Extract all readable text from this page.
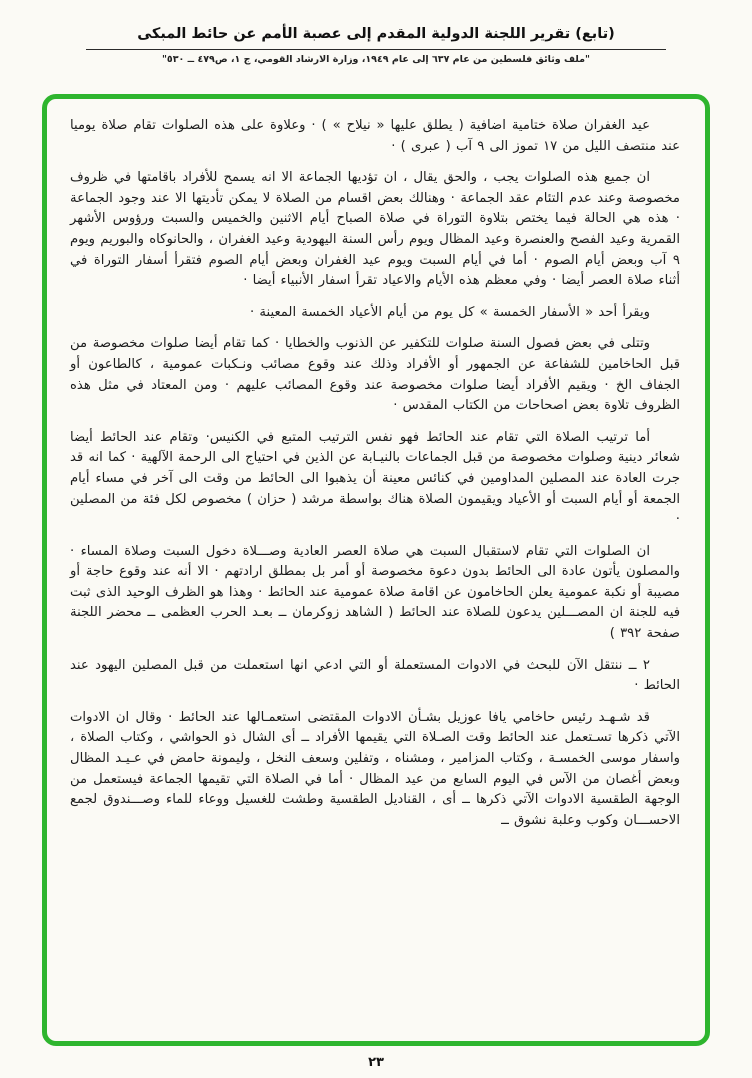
(تابع) تقرير اللجنة الدولية المقدم إلى عصبة الأمم عن حائط المبكى
"ملف وثائق فلسطين من عام ٦٣٧ إلى عام ١٩٤٩، وزارة الارشاد القومي، ج ١، ص٤٧٩ ــ ٥٣٠"

عيد الغفران صلاة ختامية اضافية ( يطلق عليها « نيلاح » ) · وعلاوة على هذه الصلوات تقام صلاة يوميا عند منتصف الليل من ١٧ تموز الى ٩ آب ( عبرى ) ·

ان جميع هذه الصلوات يجب ، والحق يقال ، ان تؤديها الجماعة الا انه يسمح للأفراد باقامتها في ظروف مخصوصة وعند عدم التئام عقد الجماعة · وهنالك بعض اقسام من الصلاة لا يمكن تأديتها الا عند وجود الجماعة · هذه هي الحالة فيما يختص بتلاوة التوراة في صلاة الصباح أيام الاثنين والخميس والسبت ورؤوس الأشهر القمرية وعيد الفصح والعنصرة وعيد المظال ويوم رأس السنة اليهودية وعيد الغفران ، والحانوكاه والبوريم ويوم ٩ آب وبعض أيام الصوم · أما في أيام السبت ويوم عيد الغفران وبعض أيام الصوم فتقرأ أسفار التوراة في أثناء صلاة العصر أيضا · وفي معظم هذه الأيام والاعياد تقرأ اسفار الأنبياء أيضا ·

ويقرأ أحد « الأسفار الخمسة » كل يوم من أيام الأعياد الخمسة المعينة ·

وتتلى في بعض فصول السنة صلوات للتكفير عن الذنوب والخطايا · كما تقام أيضا صلوات مخصوصة من قبل الحاخامين للشفاعة عن الجمهور أو الأفراد وذلك عند وقوع مصائب ونـكبات عمومية ، كالطاعون أو الجفاف الخ · ويقيم الأفراد أيضا صلوات مخصوصة عند وقوع المصائب عليهم · ومن المعتاد في مثل هذه الظروف تلاوة بعض اصحاحات من الكتاب المقدس ·

أما ترتيب الصلاة التي تقام عند الحائط فهو نفس الترتيب المتبع في الكنيس· وتقام عند الحائط أيضا شعائر دينية وصلوات مخصوصة من قبل الجماعات بالنيـابة عن الذين في احتياج الى الرحمة الآلهية · كما انه قد جرت العادة عند المصلين المداومين في كنائس معينة أن يذهبوا الى الحائط من وقت الى آخر في مساء أيام الجمعة أو أيام السبت أو الأعياد ويقيمون الصلاة هناك بواسطة مرشد ( حزان ) مخصوص لكل فئة من المصلين ·

ان الصلوات التي تقام لاستقبال السبت هي صلاة العصر العادية وصـــلاة دخول السبت وصلاة المساء · والمصلون يأتون عادة الى الحائط بدون دعوة مخصوصة أو أمر بل بمطلق ارادتهم · الا أنه عند وقوع حاجة أو مصيبة أو نكبة عمومية يعلن الحاخامون عن اقامة صلاة عمومية عند الحائط · وهذا هو الظرف الوحيد الذى ثبت فيه للجنة ان المصـــلين يدعون للصلاة عند الحائط ( الشاهد زوكرمان ــ بعـد الحرب العظمى ــ محضر اللجنة صفحة ٣٩٢ )

٢ ــ ننتقل الآن للبحث في الادوات المستعملة أو التي ادعي انها استعملت من قبل المصلين اليهود عند الحائط ·

قد شـهـد رئيس حاخامي يافا عوزيل بشـأن الادوات المقتضى استعمـالها عند الحائط · وقال ان الادوات الآتي ذكرها تسـتعمل عند الحائط وقت الصـلاة التي يقيمها الأفراد ــ أى الشال ذو الحواشي ، وكتاب الصلاة ، واسفار موسى الخمسـة ، وكتاب المزامير ، ومشناه ، وتفلين وسعف النخل ، وليمونة حامض في عـيـد المظال وبعض أغصان من الآس في اليوم السابع من عيد المظال · أما في الصلاة التي تقيمها الجماعة فيستعمل من الوجهة الطقسية الادوات الآتي ذكرها ــ أى ، القناديل الطقسية وطشت للغسيل ووعاء للماء وصـــندوق لجمع الاحســـان وكوب وعلبة نشوق ــ

٢٣
